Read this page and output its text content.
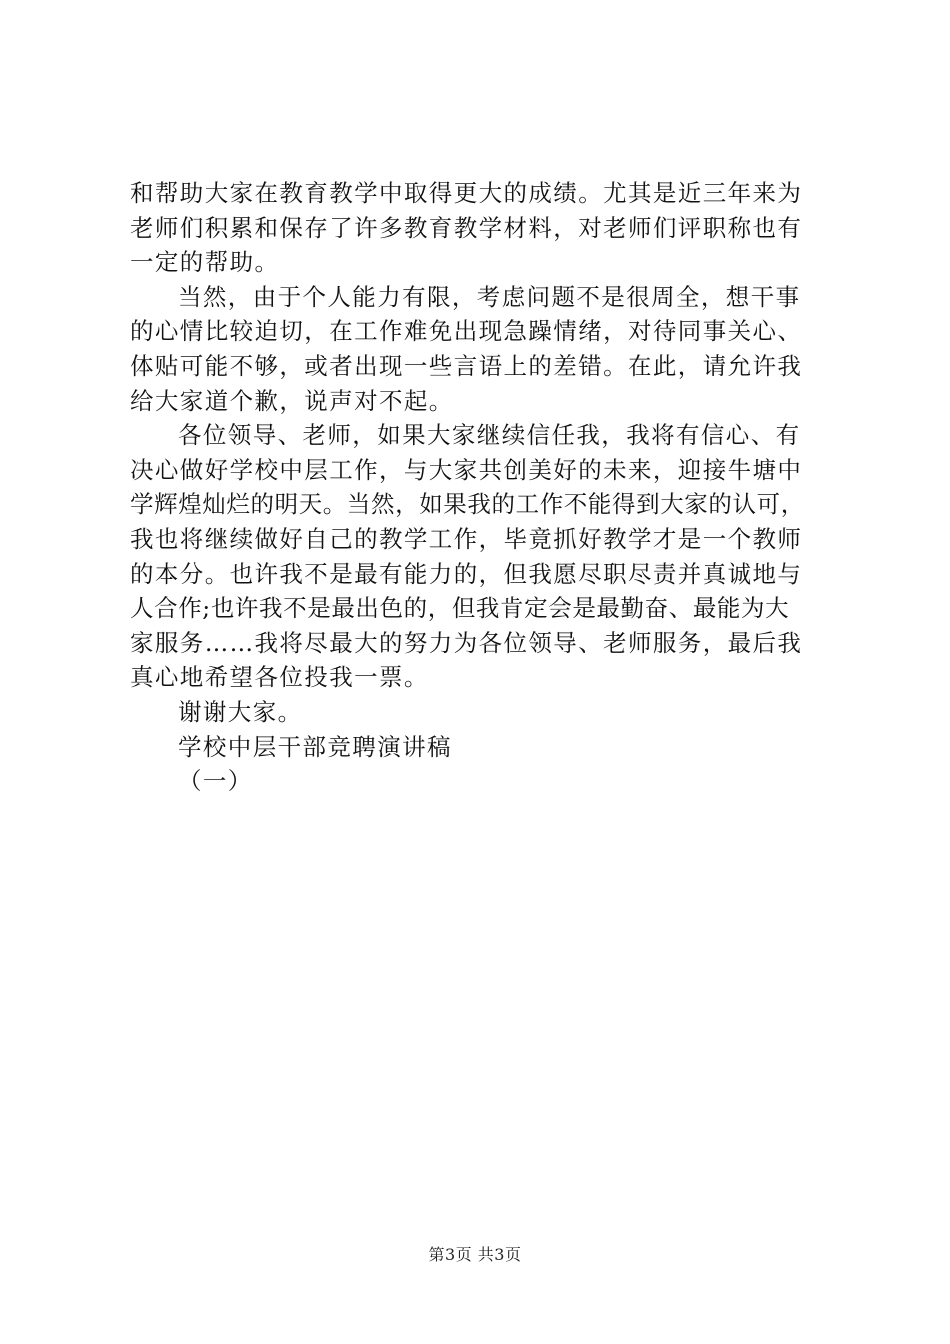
和帮助大家在教育教学中取得更大的成绩。尤其是近三年来为
老师们积累和保存了许多教育教学材料，对老师们评职称也有
一定的帮助。
当然，由于个人能力有限，考虑问题不是很周全，想干事
的心情比较迫切，在工作难免出现急躁情绪，对待同事关心、
体贴可能不够，或者出现一些言语上的差错。在此，请允许我
给大家道个歉，说声对不起。
各位领导、老师，如果大家继续信任我，我将有信心、有
决心做好学校中层工作，与大家共创美好的未来，迎接牛塘中
学辉煌灿烂的明天。当然，如果我的工作不能得到大家的认可，
我也将继续做好自己的教学工作，毕竟抓好教学才是一个教师
的本分。也许我不是最有能力的，但我愿尽职尽责并真诚地与
人合作;也许我不是最出色的，但我肯定会是最勤奋、最能为大
家服务……我将尽最大的努力为各位领导、老师服务，最后我
真心地希望各位投我一票。
谢谢大家。
学校中层干部竞聘演讲稿
（一）
第3页 共3页
